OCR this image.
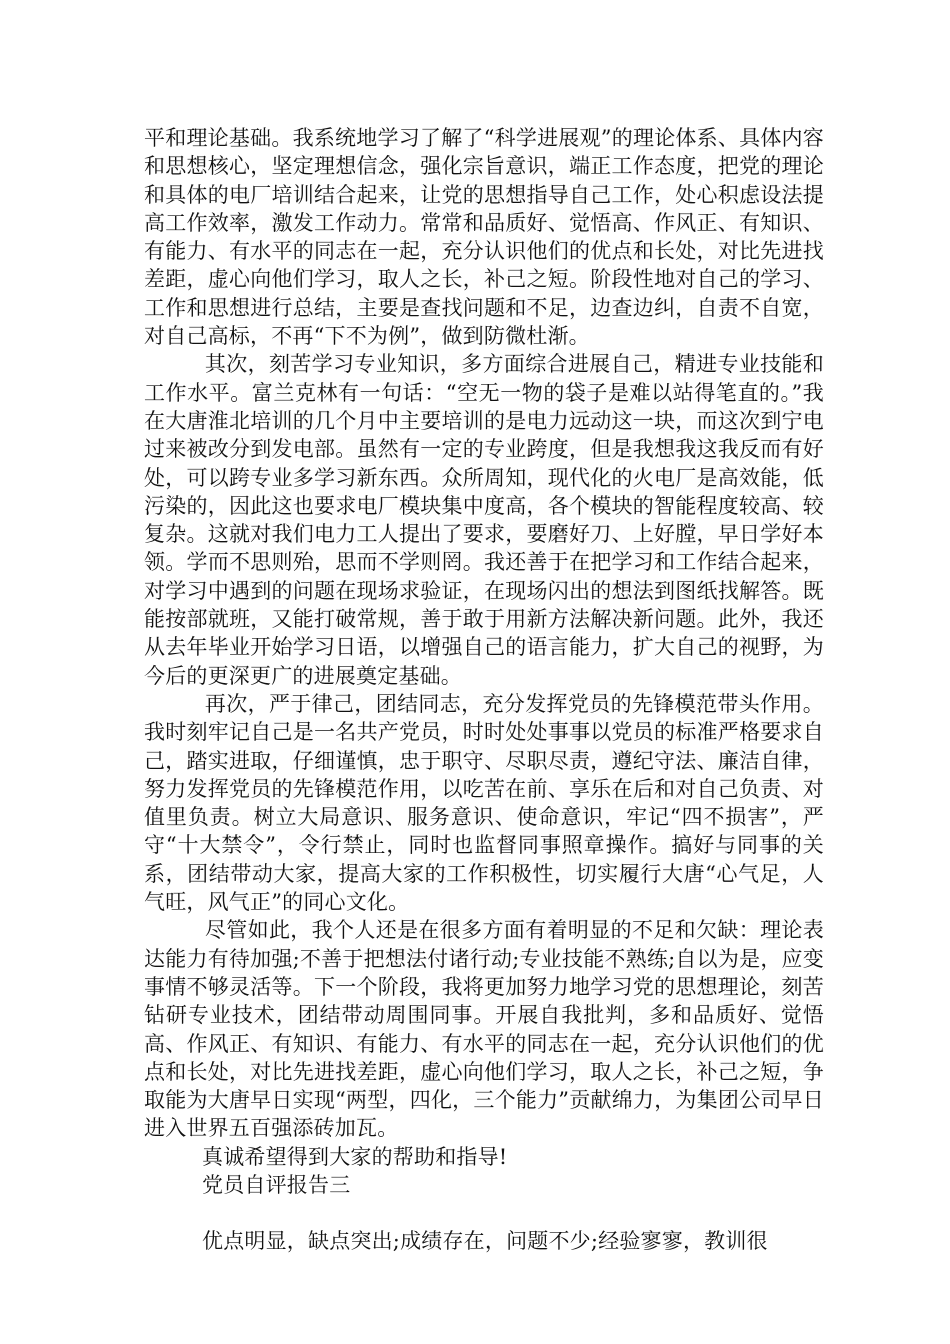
平和理论基础。我系统地学习了解了“科学进展观”的理论体系、具体内容和思想核心，坚定理想信念，强化宗旨意识，端正工作态度，把党的理论和具体的电厂培训结合起来，让党的思想指导自己工作，处心积虑设法提高工作效率，激发工作动力。常常和品质好、觉悟高、作风正、有知识、有能力、有水平的同志在一起，充分认识他们的优点和长处，对比先进找差距，虚心向他们学习，取人之长，补己之短。阶段性地对自己的学习、工作和思想进行总结，主要是查找问题和不足，边查边纠，自责不自宽，对自己高标，不再“下不为例”，做到防微杜渐。

其次，刻苦学习专业知识，多方面综合进展自己，精进专业技能和工作水平。富兰克林有一句话：“空无一物的袋子是难以站得笔直的。”我在大唐淮北培训的几个月中主要培训的是电力远动这一块，而这次到宁电过来被改分到发电部。虽然有一定的专业跨度，但是我想我这我反而有好处，可以跨专业多学习新东西。众所周知，现代化的火电厂是高效能，低污染的，因此这也要求电厂模块集中度高，各个模块的智能程度较高、较复杂。这就对我们电力工人提出了要求，要磨好刀、上好膛，早日学好本领。学而不思则殆，思而不学则罔。我还善于在把学习和工作结合起来，对学习中遇到的问题在现场求验证，在现场闪出的想法到图纸找解答。既能按部就班，又能打破常规，善于敢于用新方法解决新问题。此外，我还从去年毕业开始学习日语，以增强自己的语言能力，扩大自己的视野，为今后的更深更广的进展奠定基础。

再次，严于律己，团结同志，充分发挥党员的先锋模范带头作用。我时刻牢记自己是一名共产党员，时时处处事事以党员的标准严格要求自己，踏实进取，仔细谨慎，忠于职守、尽职尽责，遵纪守法、廉洁自律，努力发挥党员的先锋模范作用，以吃苦在前、享乐在后和对自己负责、对值里负责。树立大局意识、服务意识、使命意识，牢记“四不损害”，严守“十大禁令”，令行禁止，同时也监督同事照章操作。搞好与同事的关系，团结带动大家，提高大家的工作积极性，切实履行大唐“心气足，人气旺，风气正”的同心文化。

尽管如此，我个人还是在很多方面有着明显的不足和欠缺：理论表达能力有待加强;不善于把想法付诸行动;专业技能不熟练;自以为是，应变事情不够灵活等。下一个阶段，我将更加努力地学习党的思想理论，刻苦钻研专业技术，团结带动周围同事。开展自我批判，多和品质好、觉悟高、作风正、有知识、有能力、有水平的同志在一起，充分认识他们的优点和长处，对比先进找差距，虚心向他们学习，取人之长，补己之短，争取能为大唐早日实现“两型，四化，三个能力”贡献绵力，为集团公司早日进入世界五百强添砖加瓦。

真诚希望得到大家的帮助和指导!

党员自评报告三

优点明显，缺点突出;成绩存在，问题不少;经验寥寥，教训很
